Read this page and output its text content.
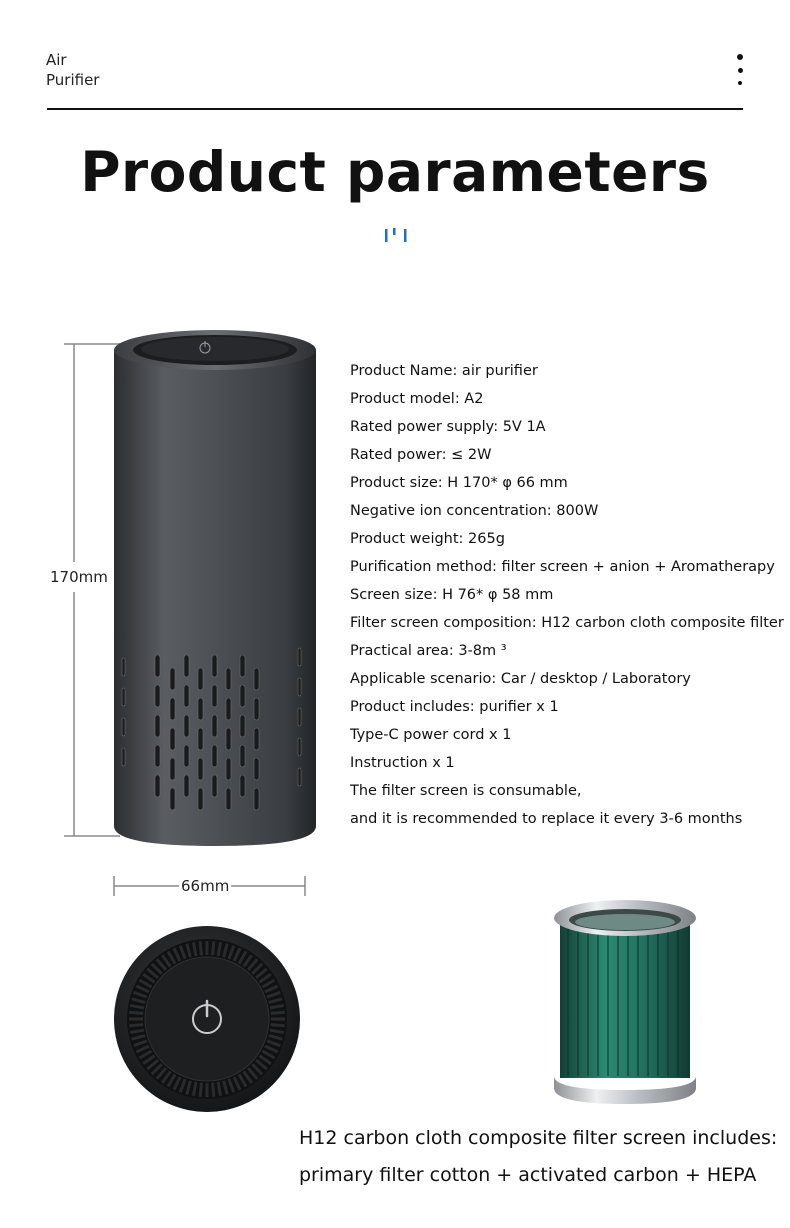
Air
Purifier
Product parameters
170mm
66mm
Product Name: air purifier
Product model: A2
Rated power supply: 5V 1A
Rated power: ≤ 2W
Product size: H 170* φ 66 mm
Negative ion concentration: 800W
Product weight: 265g
Purification method: filter screen + anion + Aromatherapy
Screen size: H 76* φ 58 mm
Filter screen composition: H12 carbon cloth composite filter
Practical area: 3-8m ³
Applicable scenario: Car / desktop / Laboratory
Product includes: purifier x 1
Type-C power cord x 1
Instruction x 1
The filter screen is consumable,
and it is recommended to replace it every 3-6 months
H12 carbon cloth composite filter screen includes:
primary filter cotton + activated carbon + HEPA
